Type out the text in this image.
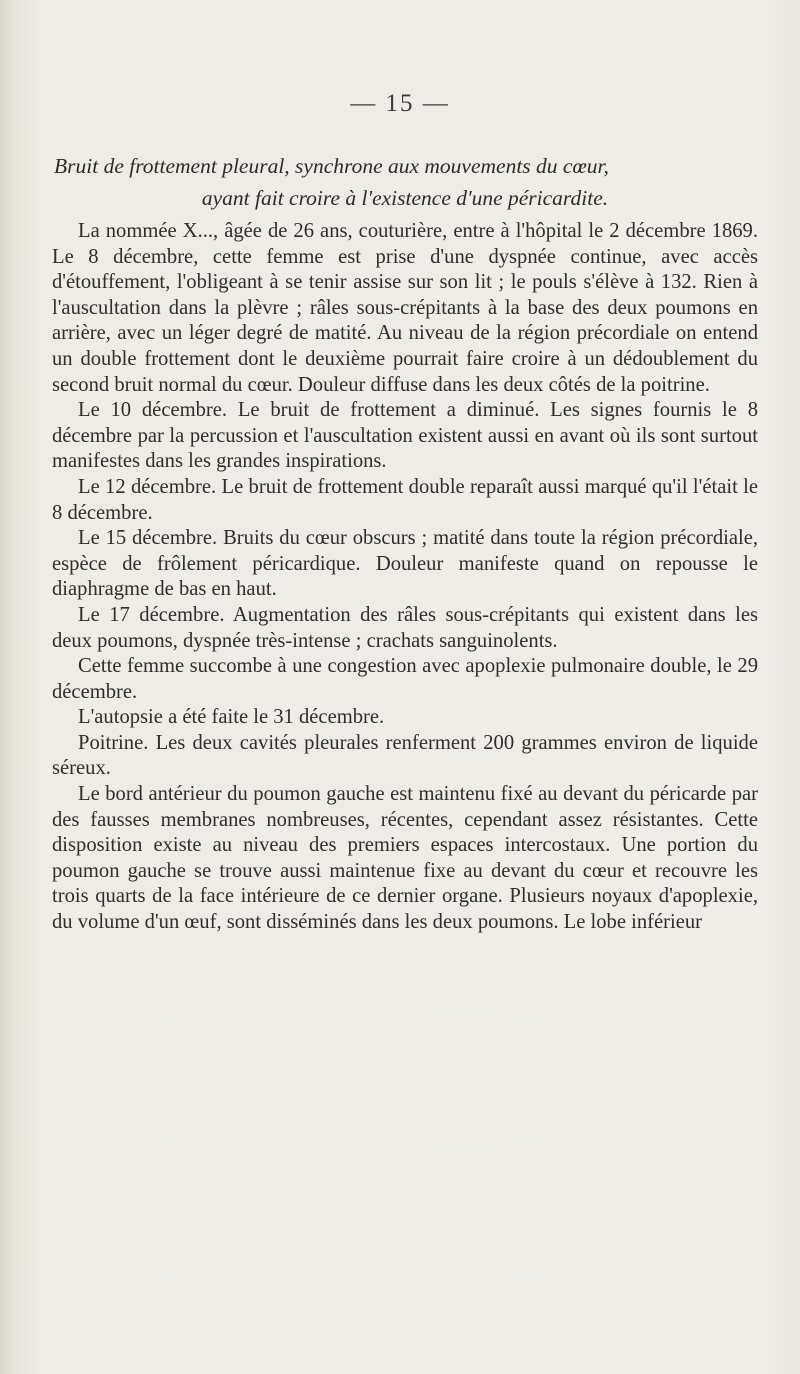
— 15 —
Bruit de frottement pleural, synchrone aux mouvements du cœur,
ayant fait croire à l'existence d'une péricardite.

La nommée X..., âgée de 26 ans, couturière, entre à l'hôpital le 2 décembre 1869. Le 8 décembre, cette femme est prise d'une dyspnée continue, avec accès d'étouffement, l'obligeant à se tenir assise sur son lit ; le pouls s'élève à 132. Rien à l'auscultation dans la plèvre ; râles sous-crépitants à la base des deux poumons en arrière, avec un léger degré de matité. Au niveau de la région précordiale on entend un double frottement dont le deuxième pourrait faire croire à un dédoublement du second bruit normal du cœur. Douleur diffuse dans les deux côtés de la poitrine.

Le 10 décembre. Le bruit de frottement a diminué. Les signes fournis le 8 décembre par la percussion et l'auscultation existent aussi en avant où ils sont surtout manifestes dans les grandes inspirations.

Le 12 décembre. Le bruit de frottement double reparaît aussi marqué qu'il l'était le 8 décembre.

Le 15 décembre. Bruits du cœur obscurs ; matité dans toute la région précordiale, espèce de frôlement péricardique. Douleur manifeste quand on repousse le diaphragme de bas en haut.

Le 17 décembre. Augmentation des râles sous-crépitants qui existent dans les deux poumons, dyspnée très-intense ; crachats sanguinolents.

Cette femme succombe à une congestion avec apoplexie pulmonaire double, le 29 décembre.

L'autopsie a été faite le 31 décembre.

Poitrine. Les deux cavités pleurales renferment 200 grammes environ de liquide séreux.

Le bord antérieur du poumon gauche est maintenu fixé au devant du péricarde par des fausses membranes nombreuses, récentes, cependant assez résistantes. Cette disposition existe au niveau des premiers espaces intercostaux. Une portion du poumon gauche se trouve aussi maintenue fixe au devant du cœur et recouvre les trois quarts de la face intérieure de ce dernier organe. Plusieurs noyaux d'apoplexie, du volume d'un œuf, sont disséminés dans les deux poumons. Le lobe inférieur
